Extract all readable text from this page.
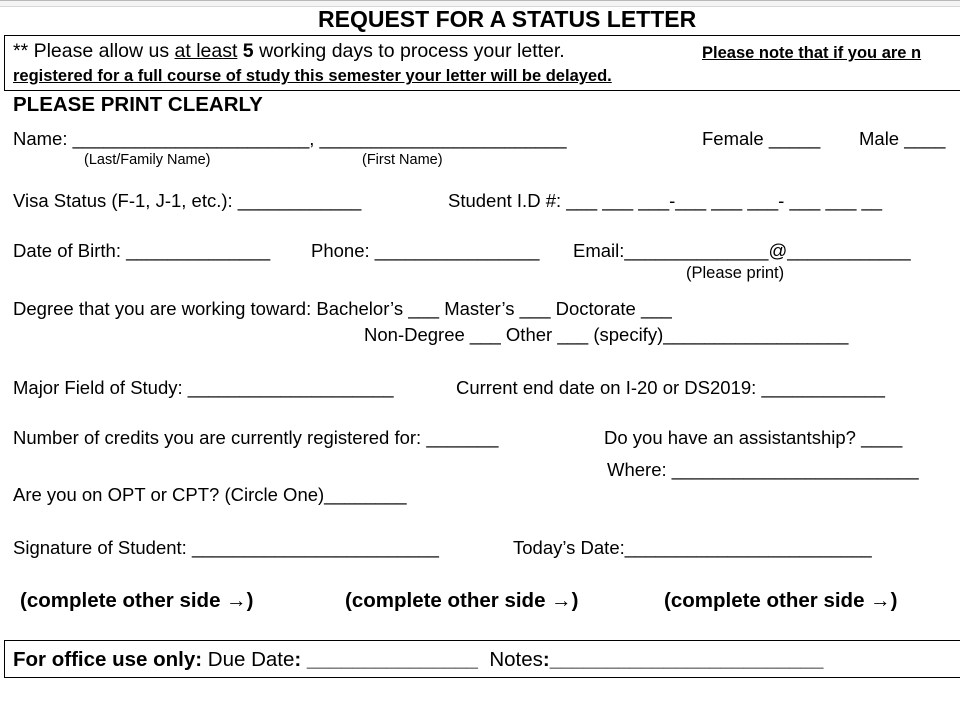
REQUEST FOR A STATUS LETTER
** Please allow us at least 5 working days to process your letter.	Please note that if you are n
registered for a full course of study this semester your letter will be delayed.
PLEASE PRINT CLEARLY
Name: _______________________, ________________________	Female _____ Male ____
(Last/Family Name)	(First Name)
Visa Status (F-1, J-1, etc.): ____________	Student I.D #: ___ ___ ___-___ ___ ___- ___ ___ __
Date of Birth: ______________ Phone: ________________ Email:______________@____________
(Please print)
Degree that you are working toward: Bachelor’s ___ Master’s ___ Doctorate ___
Non-Degree ___ Other ___ (specify)__________________
Major Field of Study: ____________________	Current end date on I-20 or DS2019: ____________
Number of credits you are currently registered for: _______	Do you have an assistantship? ____
Where: ________________________
Are you on OPT or CPT? (Circle One)________
Signature of Student: ________________________	Today’s Date:________________________
(complete other side →)	(complete other side →)	(complete other side →)
For office use only: Due Date: _______________ Notes:________________________
